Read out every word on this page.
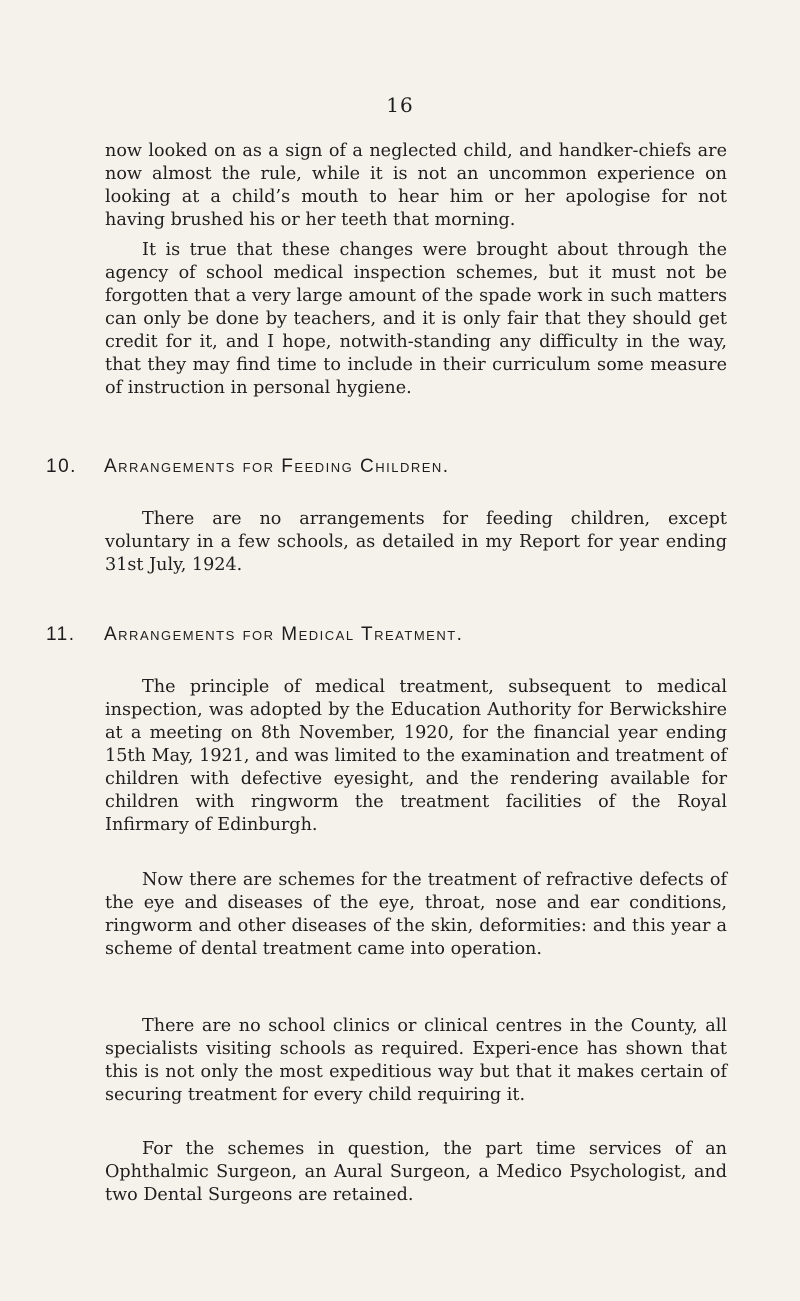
16

now looked on as a sign of a neglected child, and handker-chiefs are now almost the rule, while it is not an uncommon experience on looking at a child’s mouth to hear him or her apologise for not having brushed his or her teeth that morning.

It is true that these changes were brought about through the agency of school medical inspection schemes, but it must not be forgotten that a very large amount of the spade work in such matters can only be done by teachers, and it is only fair that they should get credit for it, and I hope, notwith-standing any difficulty in the way, that they may find time to include in their curriculum some measure of instruction in personal hygiene.

10. Arrangements for Feeding Children.

There are no arrangements for feeding children, except voluntary in a few schools, as detailed in my Report for year ending 31st July, 1924.

11. Arrangements for Medical Treatment.

The principle of medical treatment, subsequent to medical inspection, was adopted by the Education Authority for Berwickshire at a meeting on 8th November, 1920, for the financial year ending 15th May, 1921, and was limited to the examination and treatment of children with defective eyesight, and the rendering available for children with ringworm the treatment facilities of the Royal Infirmary of Edinburgh.

Now there are schemes for the treatment of refractive defects of the eye and diseases of the eye, throat, nose and ear conditions, ringworm and other diseases of the skin, deformities: and this year a scheme of dental treatment came into operation.

There are no school clinics or clinical centres in the County, all specialists visiting schools as required. Experi-ence has shown that this is not only the most expeditious way but that it makes certain of securing treatment for every child requiring it.

For the schemes in question, the part time services of an Ophthalmic Surgeon, an Aural Surgeon, a Medico Psychologist, and two Dental Surgeons are retained.
